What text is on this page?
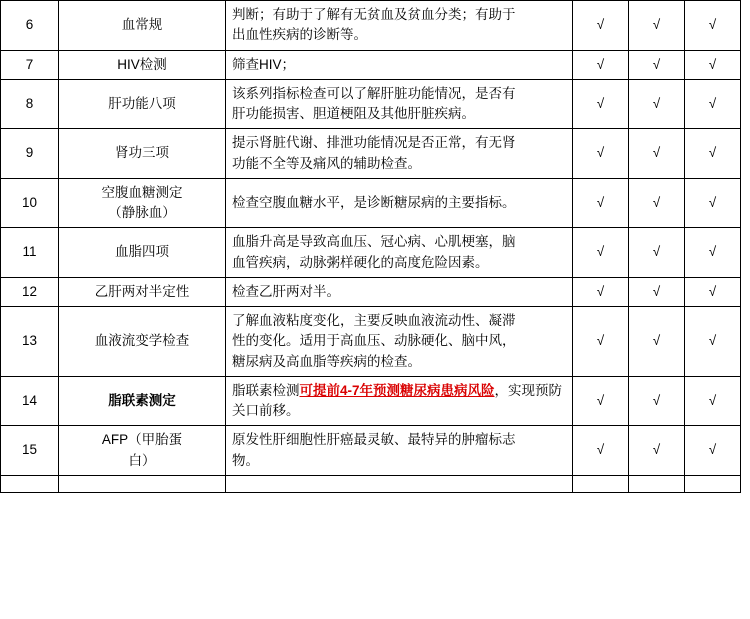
6	血常规	判断；有助于了解有无贫血及贫血分类；有助于
出血性疾病的诊断等。	√	√	√
7	HIV检测	筛查HIV；	√	√	√
8	肝功能八项	该系列指标检查可以了解肝脏功能情况，是否有
肝功能损害、胆道梗阻及其他肝脏疾病。	√	√	√
9	肾功三项	提示肾脏代谢、排泄功能情况是否正常，有无肾
功能不全等及痛风的辅助检查。	√	√	√
10	空腹血糖测定
（静脉血）	检查空腹血糖水平，是诊断糖尿病的主要指标。	√	√	√
11	血脂四项	血脂升高是导致高血压、冠心病、心肌梗塞，脑
血管疾病，动脉粥样硬化的高度危险因素。	√	√	√
12	乙肝两对半定性	检查乙肝两对半。	√	√	√
13	血液流变学检查	了解血液粘度变化，主要反映血液流动性、凝滞
性的变化。适用于高血压、动脉硬化、脑中风，
糖尿病及高血脂等疾病的检查。	√	√	√
14	脂联素测定	脂联素检测可提前4-7年预测糖尿病患病风险，实现预防关口前移。	√	√	√
15	AFP（甲胎蛋
白）	原发性肝细胞性肝癌最灵敏、最特异的肿瘤标志
物。	√	√	√
